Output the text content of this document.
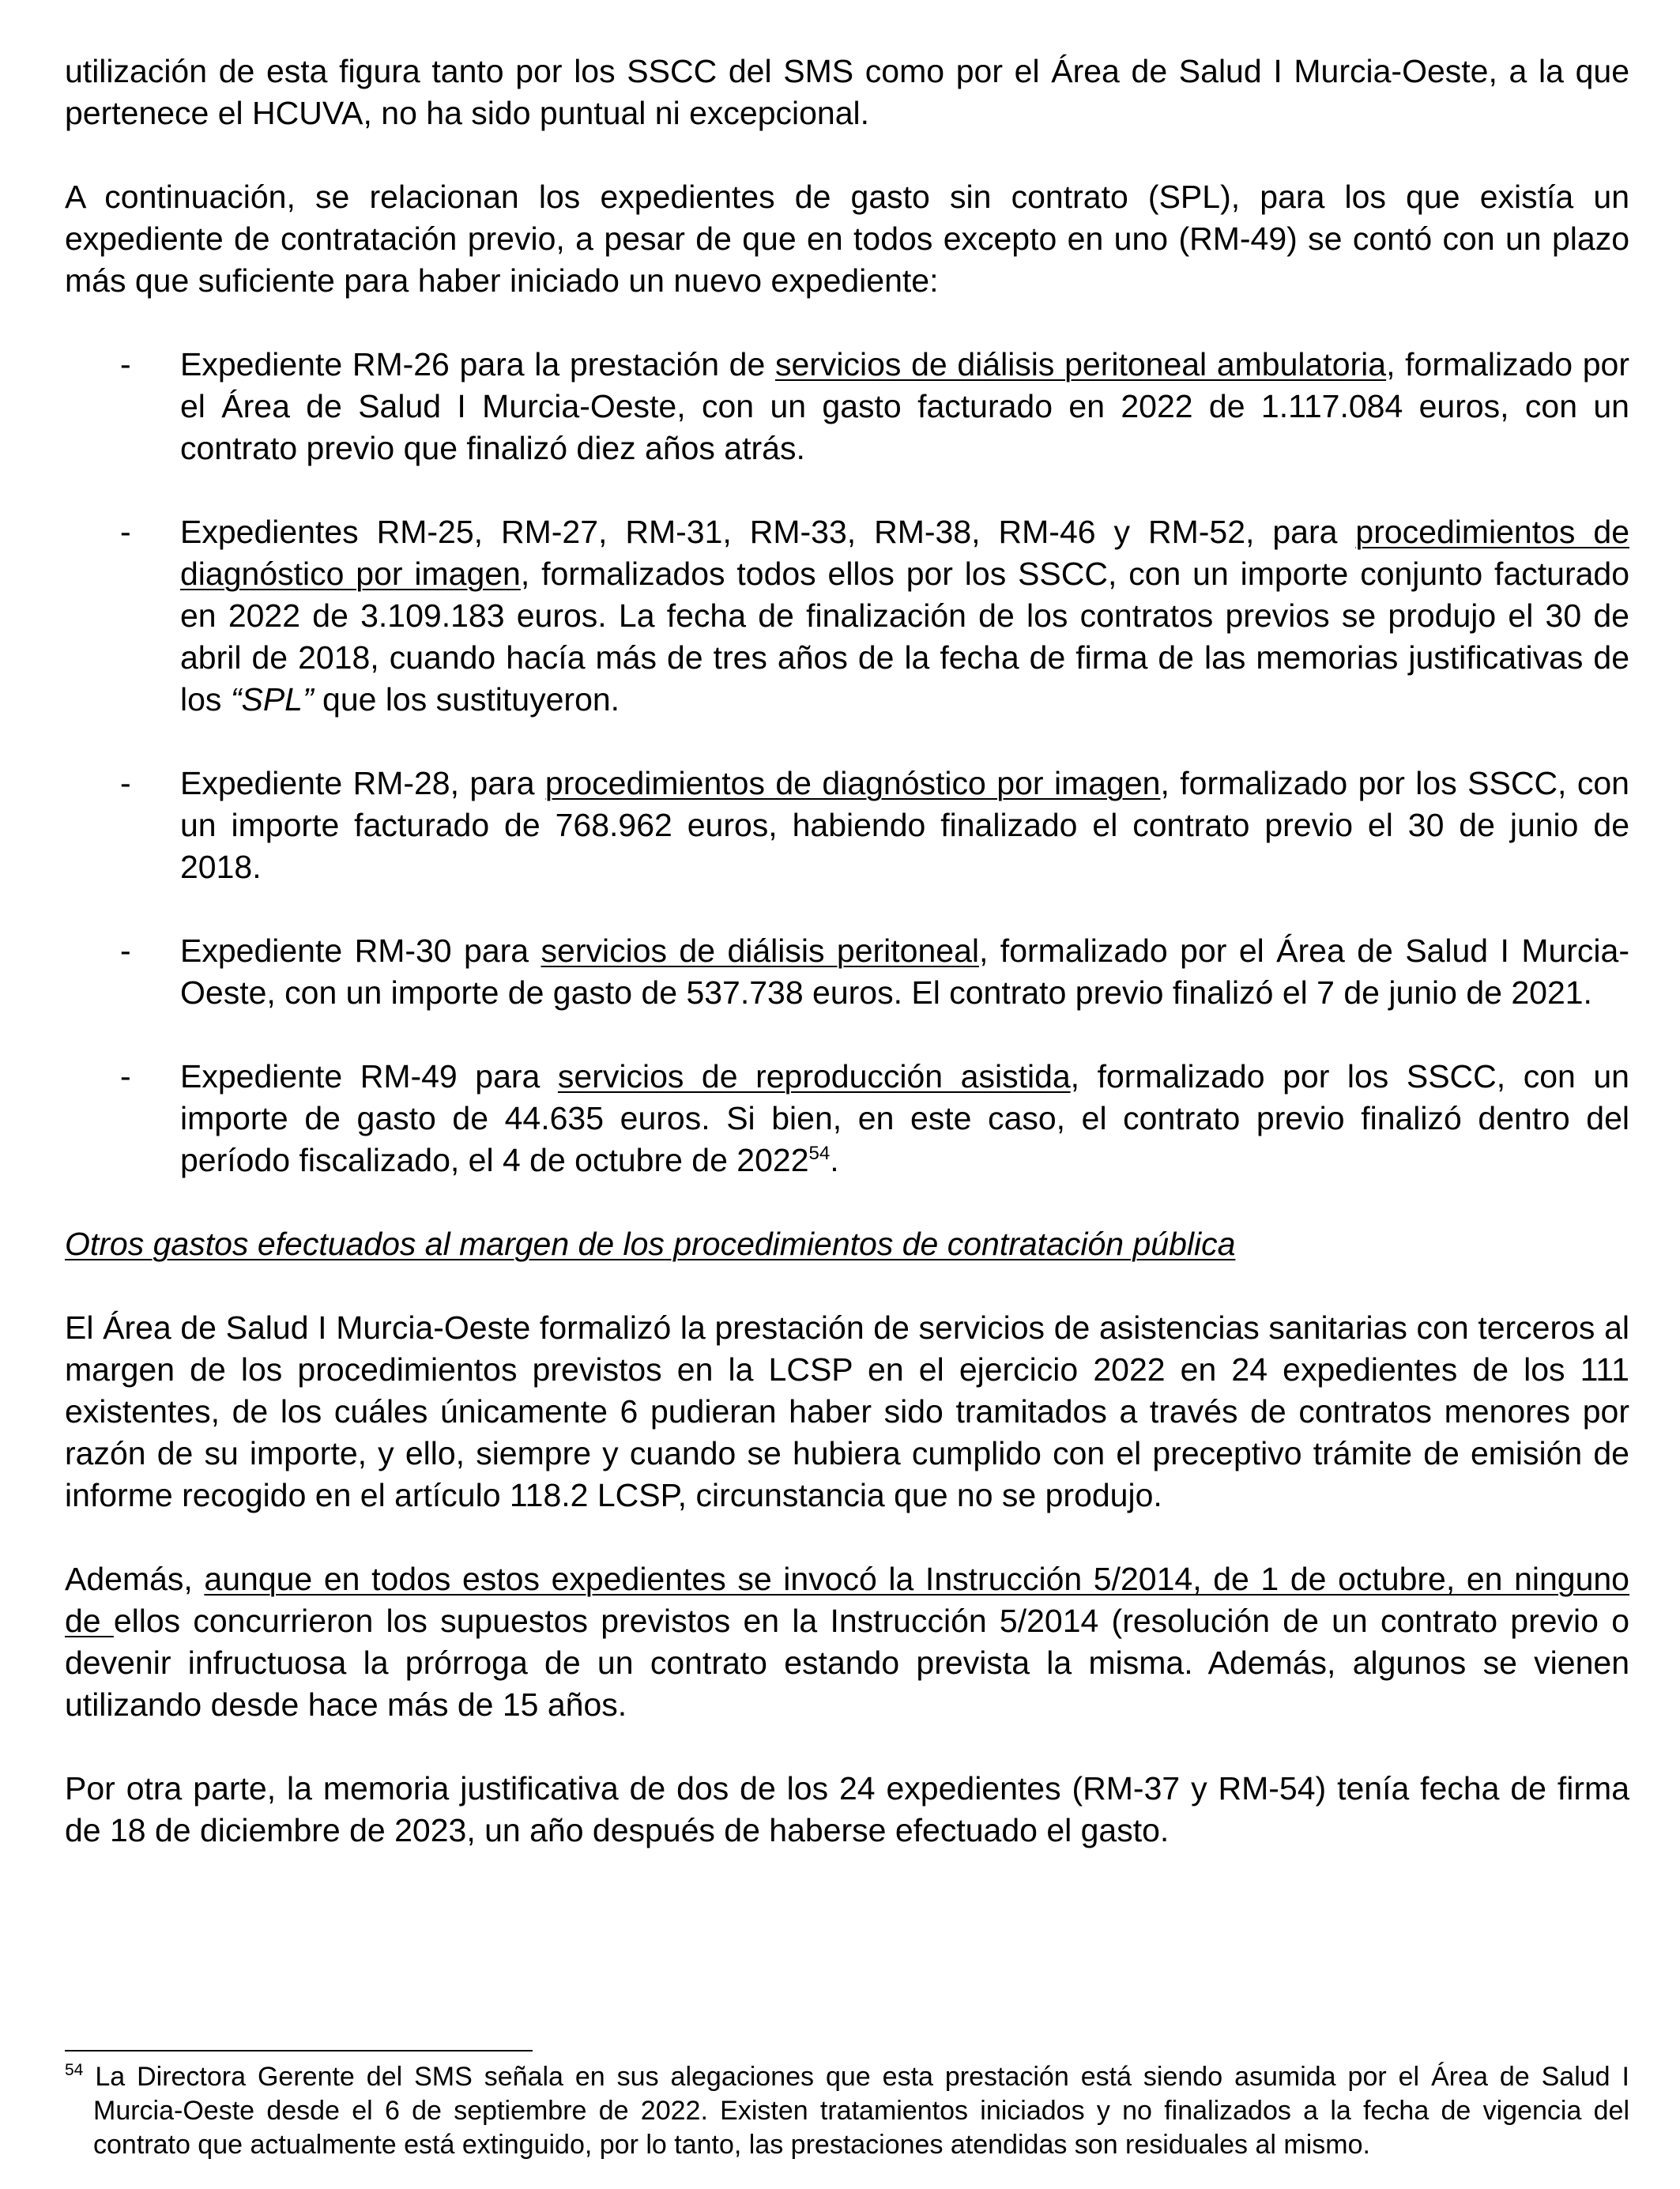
utilización de esta figura tanto por los SSCC del SMS como por el Área de Salud I Murcia-Oeste, a la que pertenece el HCUVA, no ha sido puntual ni excepcional.

A continuación, se relacionan los expedientes de gasto sin contrato (SPL), para los que existía un expediente de contratación previo, a pesar de que en todos excepto en uno (RM-49) se contó con un plazo más que suficiente para haber iniciado un nuevo expediente:

- Expediente RM-26 para la prestación de servicios de diálisis peritoneal ambulatoria, formalizado por el Área de Salud I Murcia-Oeste, con un gasto facturado en 2022 de 1.117.084 euros, con un contrato previo que finalizó diez años atrás.

- Expedientes RM-25, RM-27, RM-31, RM-33, RM-38, RM-46 y RM-52, para procedimientos de diagnóstico por imagen, formalizados todos ellos por los SSCC, con un importe conjunto facturado en 2022 de 3.109.183 euros. La fecha de finalización de los contratos previos se produjo el 30 de abril de 2018, cuando hacía más de tres años de la fecha de firma de las memorias justificativas de los “SPL” que los sustituyeron.

- Expediente RM-28, para procedimientos de diagnóstico por imagen, formalizado por los SSCC, con un importe facturado de 768.962 euros, habiendo finalizado el contrato previo el 30 de junio de 2018.

- Expediente RM-30 para servicios de diálisis peritoneal, formalizado por el Área de Salud I Murcia-Oeste, con un importe de gasto de 537.738 euros. El contrato previo finalizó el 7 de junio de 2021.

- Expediente RM-49 para servicios de reproducción asistida, formalizado por los SSCC, con un importe de gasto de 44.635 euros. Si bien, en este caso, el contrato previo finalizó dentro del período fiscalizado, el 4 de octubre de 2022$^{54}$.

Otros gastos efectuados al margen de los procedimientos de contratación pública

El Área de Salud I Murcia-Oeste formalizó la prestación de servicios de asistencias sanitarias con terceros al margen de los procedimientos previstos en la LCSP en el ejercicio 2022 en 24 expedientes de los 111 existentes, de los cuáles únicamente 6 pudieran haber sido tramitados a través de contratos menores por razón de su importe, y ello, siempre y cuando se hubiera cumplido con el preceptivo trámite de emisión de informe recogido en el artículo 118.2 LCSP, circunstancia que no se produjo.

Además, aunque en todos estos expedientes se invocó la Instrucción 5/2014, de 1 de octubre, en ninguno de ellos concurrieron los supuestos previstos en la Instrucción 5/2014 (resolución de un contrato previo o devenir infructuosa la prórroga de un contrato estando prevista la misma. Además, algunos se vienen utilizando desde hace más de 15 años.

Por otra parte, la memoria justificativa de dos de los 24 expedientes (RM-37 y RM-54) tenía fecha de firma de 18 de diciembre de 2023, un año después de haberse efectuado el gasto.

$^{54}$ La Directora Gerente del SMS señala en sus alegaciones que esta prestación está siendo asumida por el Área de Salud I Murcia-Oeste desde el 6 de septiembre de 2022. Existen tratamientos iniciados y no finalizados a la fecha de vigencia del contrato que actualmente está extinguido, por lo tanto, las prestaciones atendidas son residuales al mismo.
